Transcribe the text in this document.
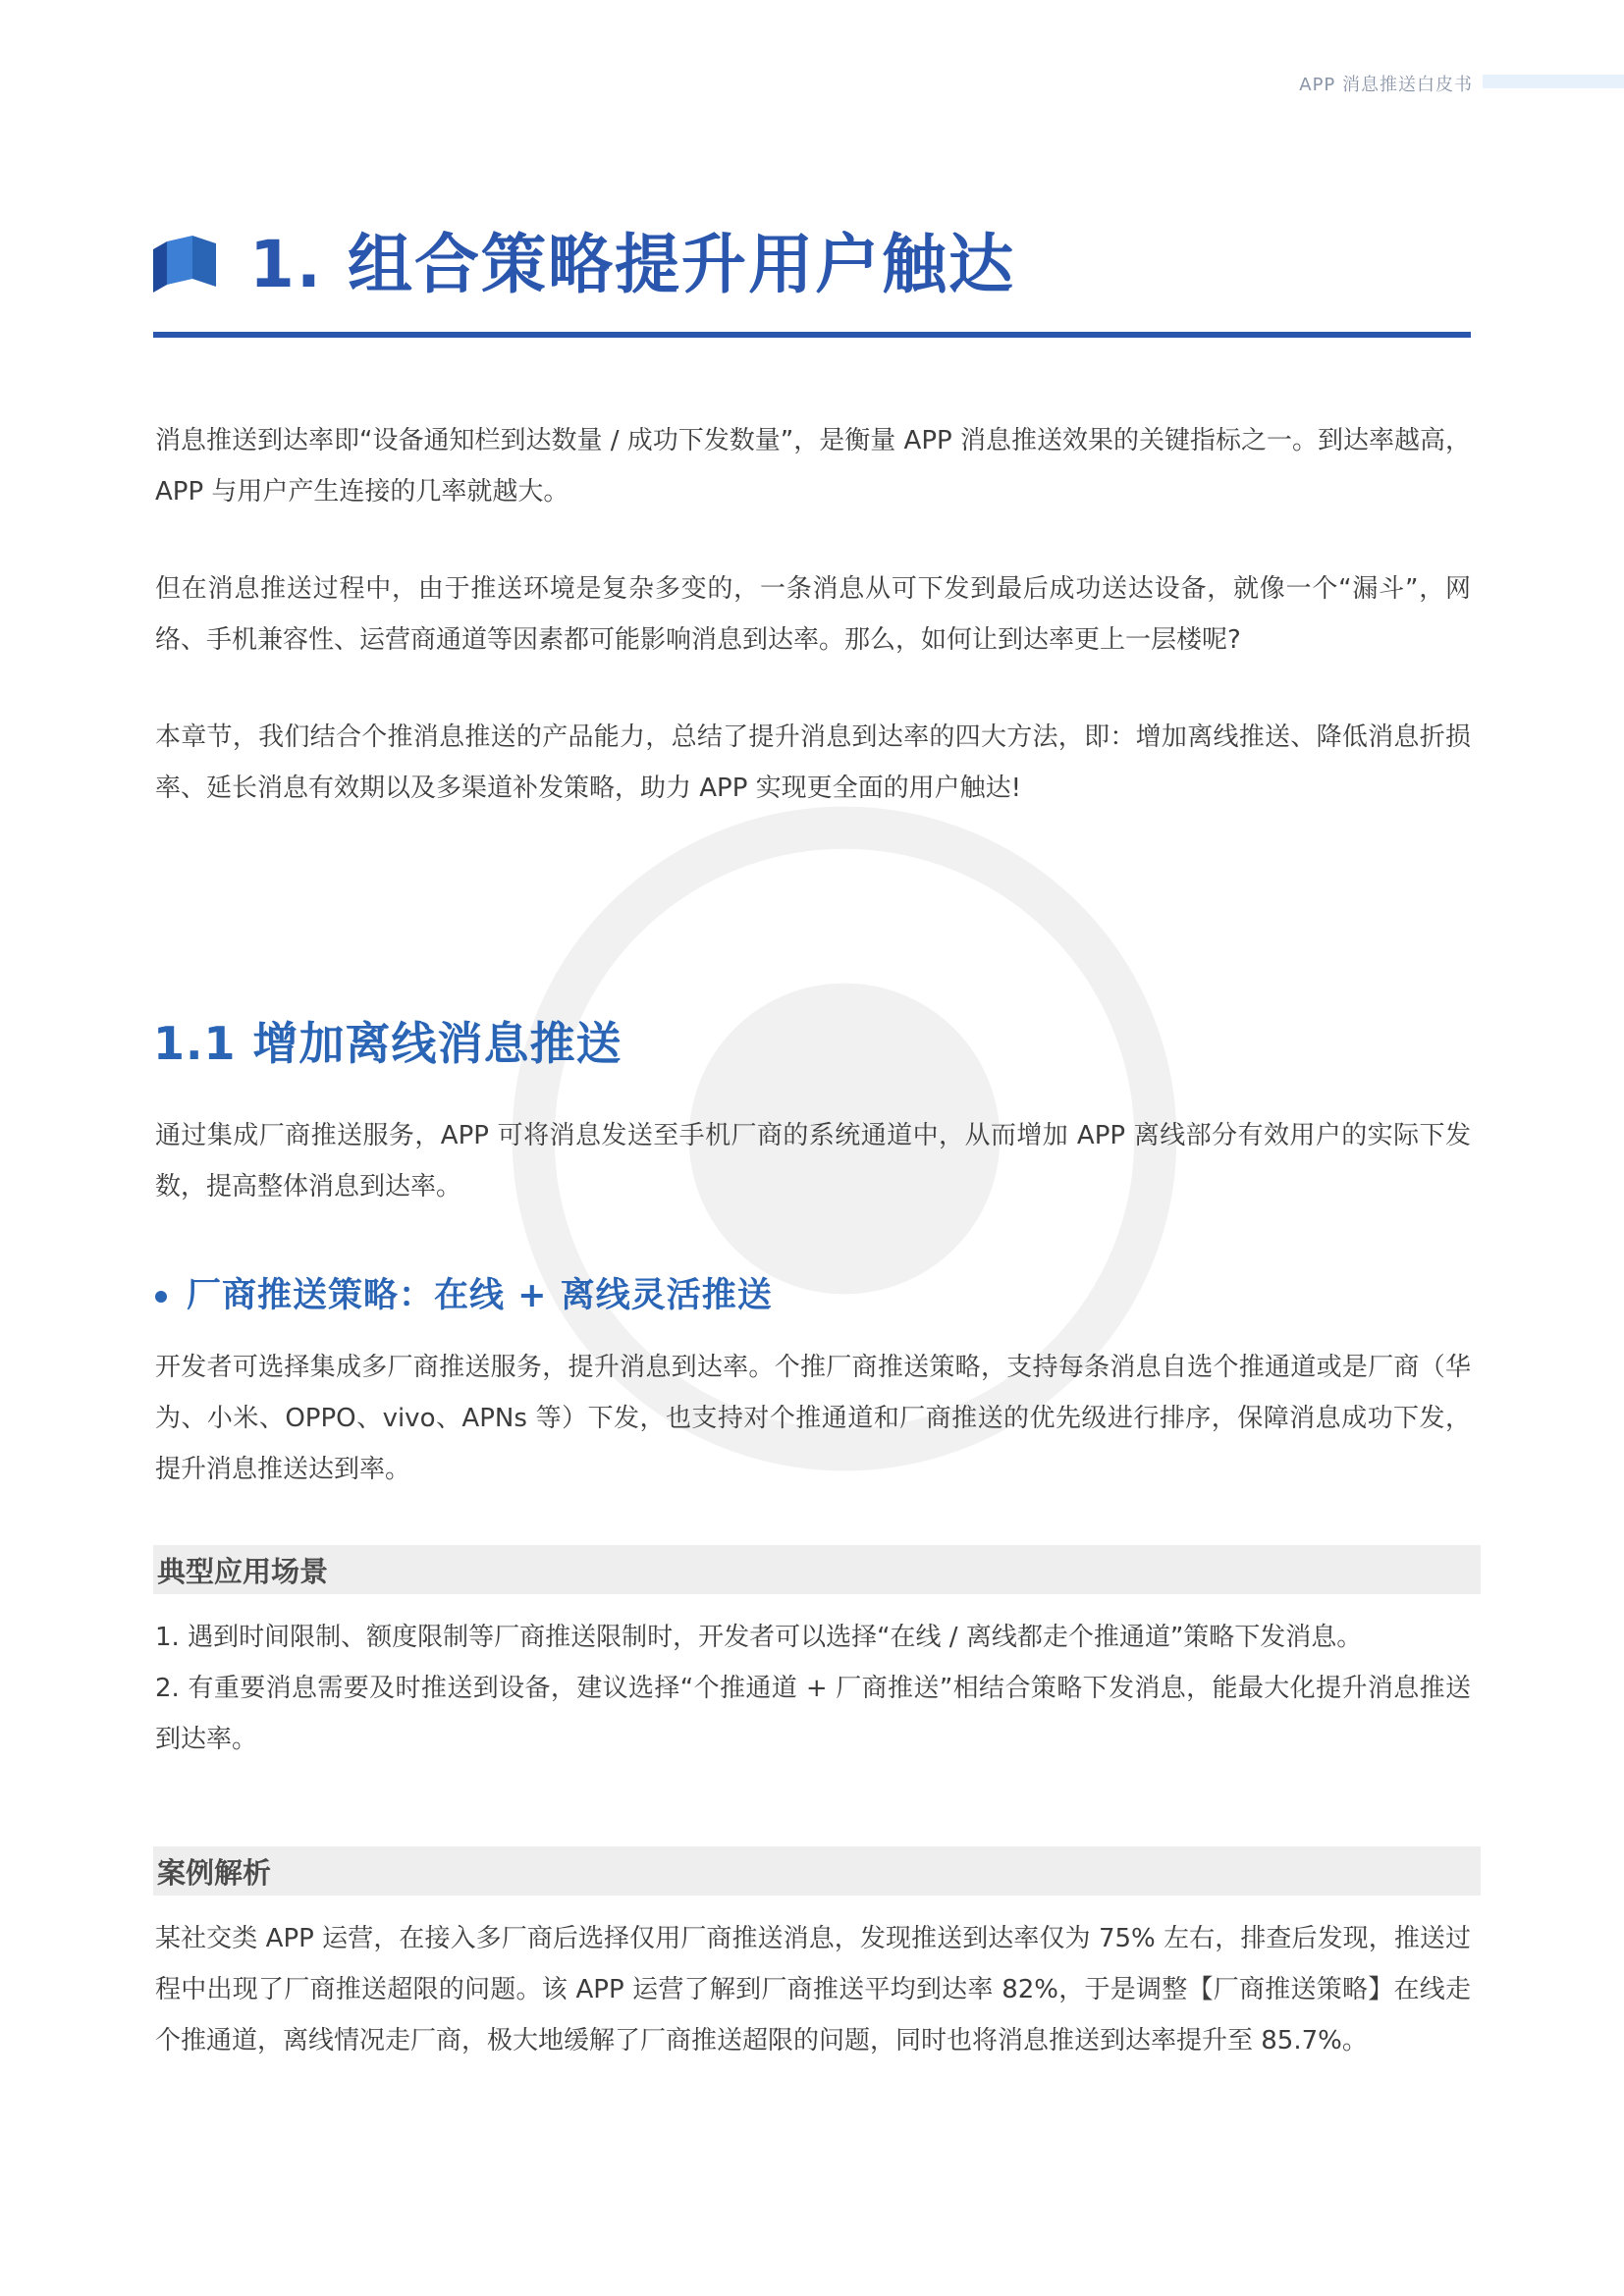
APP 消息推送白皮书
1. 组合策略提升用户触达

消息推送到达率即“设备通知栏到达数量 / 成功下发数量”，是衡量 APP 消息推送效果的关键指标之一。到达率越高，APP 与用户产生连接的几率就越大。

但在消息推送过程中，由于推送环境是复杂多变的，一条消息从可下发到最后成功送达设备，就像一个“漏斗”，网络、手机兼容性、运营商通道等因素都可能影响消息到达率。那么，如何让到达率更上一层楼呢?

本章节，我们结合个推消息推送的产品能力，总结了提升消息到达率的四大方法，即：增加离线推送、降低消息折损率、延长消息有效期以及多渠道补发策略，助力 APP 实现更全面的用户触达!

1.1 增加离线消息推送

通过集成厂商推送服务，APP 可将消息发送至手机厂商的系统通道中，从而增加 APP 离线部分有效用户的实际下发数，提高整体消息到达率。

厂商推送策略：在线 + 离线灵活推送

开发者可选择集成多厂商推送服务，提升消息到达率。个推厂商推送策略，支持每条消息自选个推通道或是厂商（华为、小米、OPPO、vivo、APNs 等）下发，也支持对个推通道和厂商推送的优先级进行排序，保障消息成功下发，提升消息推送达到率。

典型应用场景

1. 遇到时间限制、额度限制等厂商推送限制时，开发者可以选择“在线 / 离线都走个推通道”策略下发消息。

2. 有重要消息需要及时推送到设备，建议选择“个推通道 + 厂商推送”相结合策略下发消息，能最大化提升消息推送到达率。

案例解析

某社交类 APP 运营，在接入多厂商后选择仅用厂商推送消息，发现推送到达率仅为 75% 左右，排查后发现，推送过程中出现了厂商推送超限的问题。该 APP 运营了解到厂商推送平均到达率 82%，于是调整【厂商推送策略】在线走个推通道，离线情况走厂商，极大地缓解了厂商推送超限的问题，同时也将消息推送到达率提升至 85.7%。
